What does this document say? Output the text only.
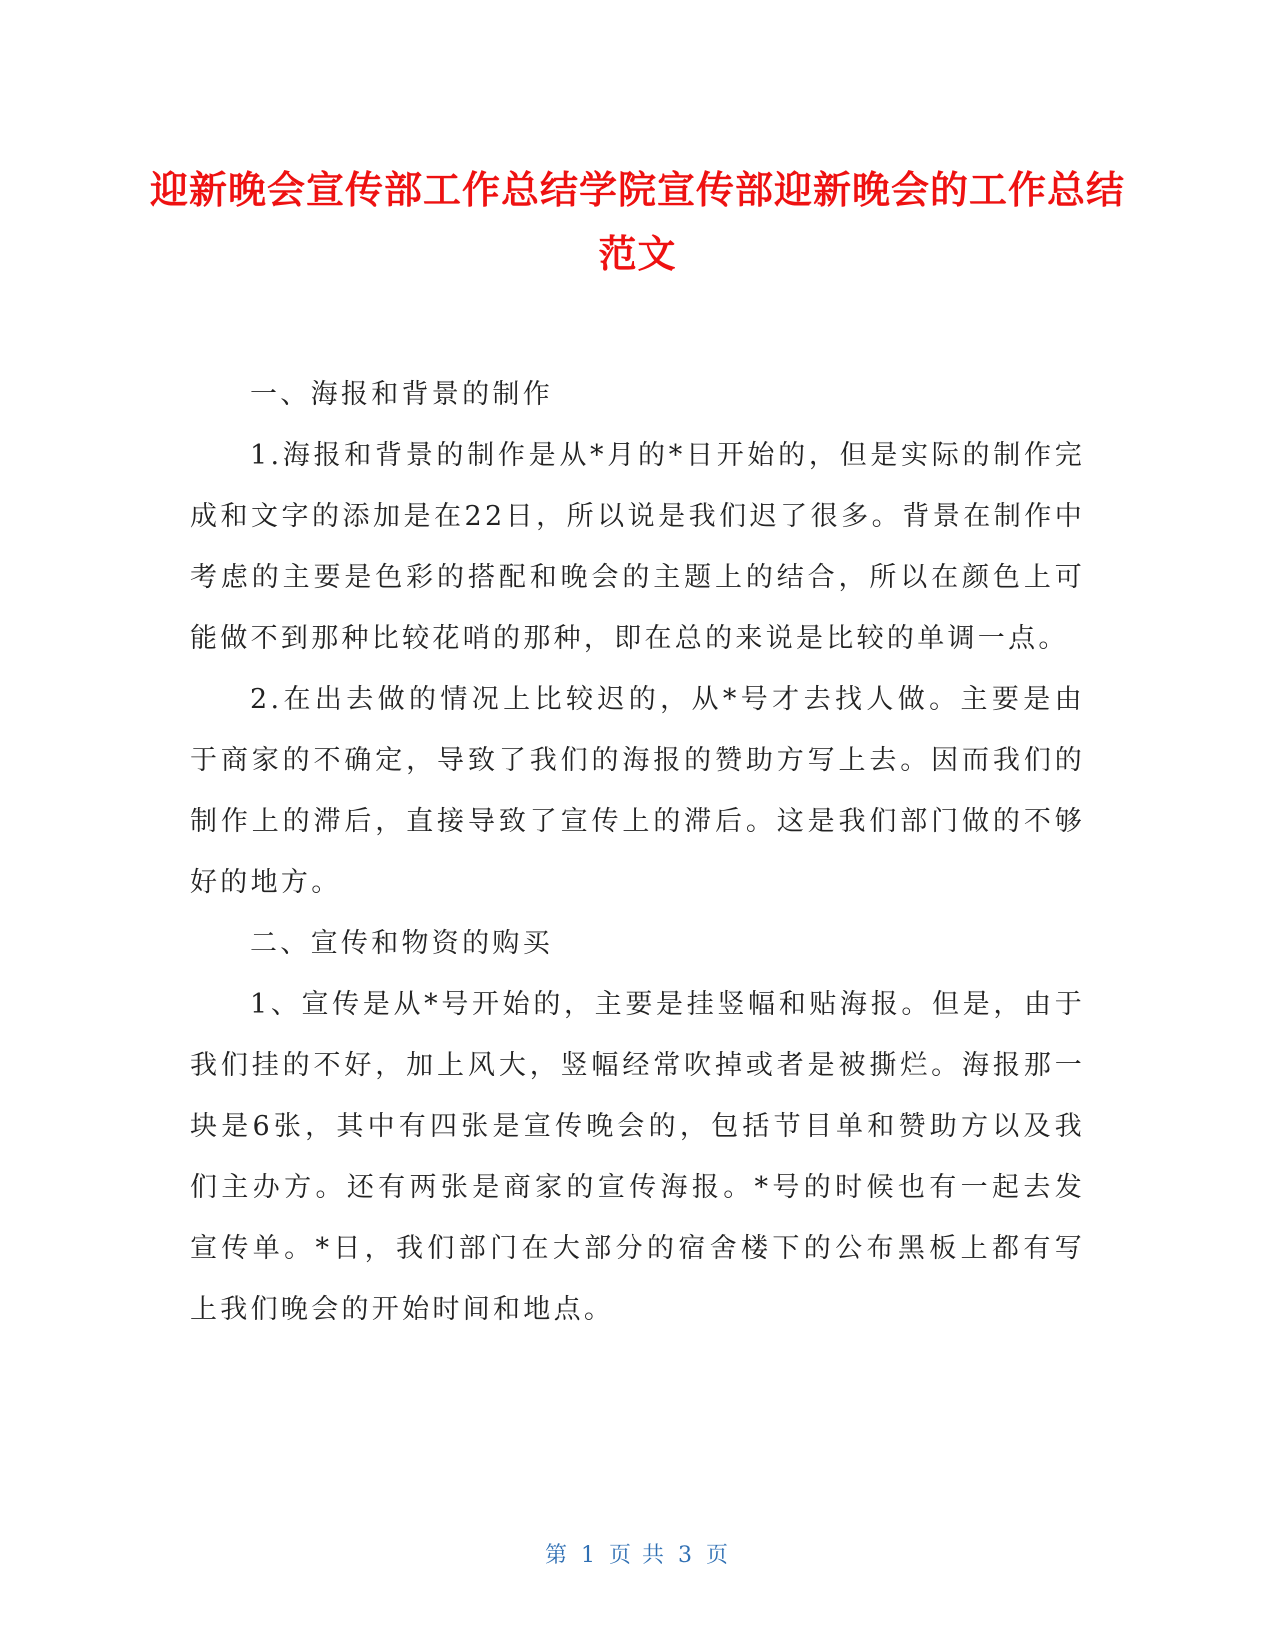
迎新晚会宣传部工作总结学院宣传部迎新晚会的工作总结范文

一、海报和背景的制作

1.海报和背景的制作是从*月的*日开始的，但是实际的制作完成和文字的添加是在22日，所以说是我们迟了很多。背景在制作中考虑的主要是色彩的搭配和晚会的主题上的结合，所以在颜色上可能做不到那种比较花哨的那种，即在总的来说是比较的单调一点。

2.在出去做的情况上比较迟的，从*号才去找人做。主要是由于商家的不确定，导致了我们的海报的赞助方写上去。因而我们的制作上的滞后，直接导致了宣传上的滞后。这是我们部门做的不够好的地方。

二、宣传和物资的购买

1、宣传是从*号开始的，主要是挂竖幅和贴海报。但是，由于我们挂的不好，加上风大，竖幅经常吹掉或者是被撕烂。海报那一块是6张，其中有四张是宣传晚会的，包括节目单和赞助方以及我们主办方。还有两张是商家的宣传海报。*号的时候也有一起去发宣传单。*日，我们部门在大部分的宿舍楼下的公布黑板上都有写上我们晚会的开始时间和地点。

第 1 页 共 3 页
